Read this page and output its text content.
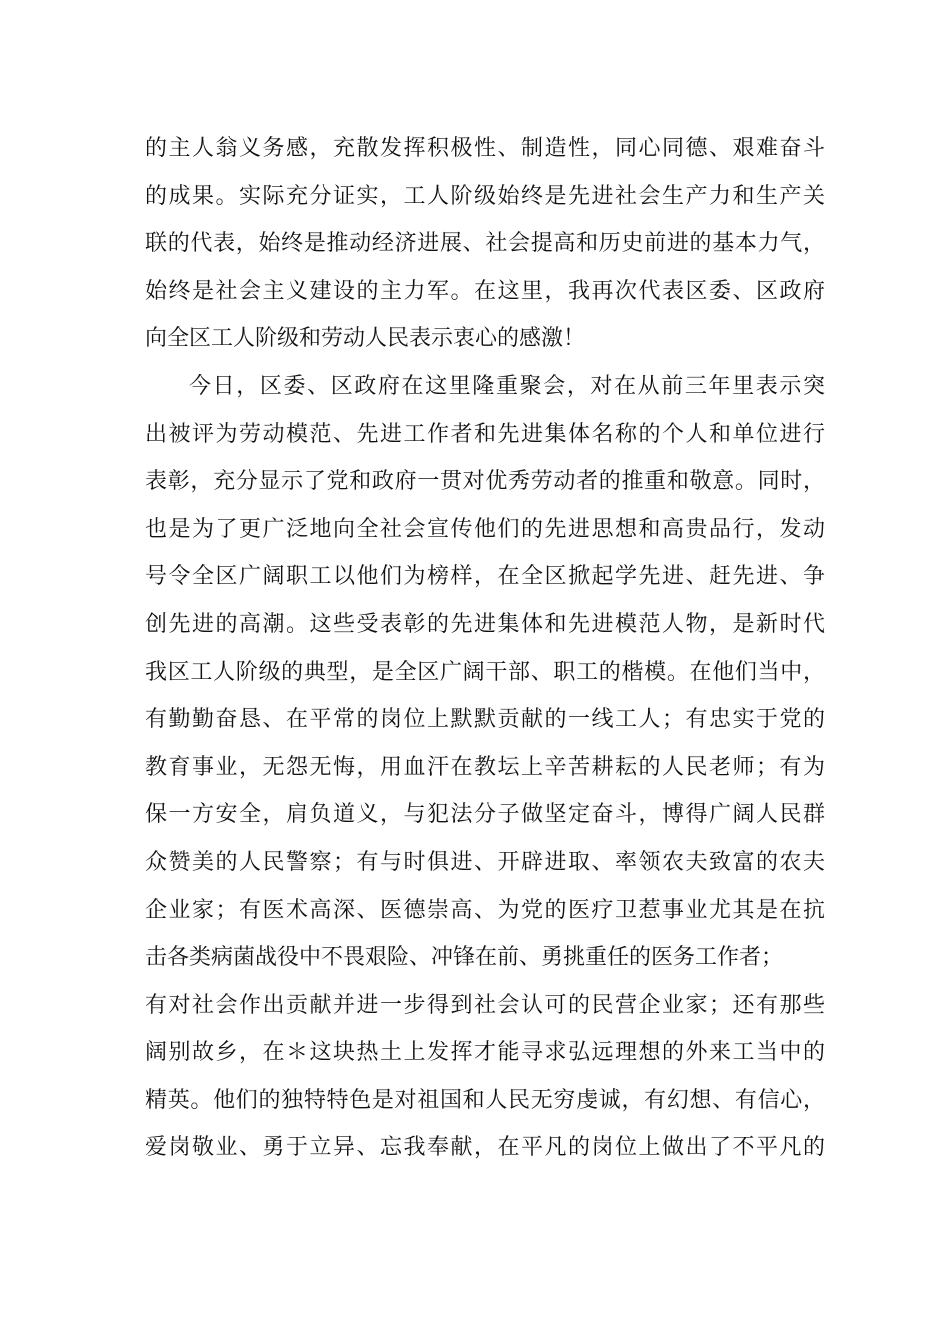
的主人翁义务感，充散发挥积极性、制造性，同心同德、艰难奋斗
的成果。实际充分证实，工人阶级始终是先进社会生产力和生产关
联的代表，始终是推动经济进展、社会提高和历史前进的基本力气，
始终是社会主义建设的主力军。在这里，我再次代表区委、区政府
向全区工人阶级和劳动人民表示衷心的感激！
今日，区委、区政府在这里隆重聚会，对在从前三年里表示突
出被评为劳动模范、先进工作者和先进集体名称的个人和单位进行
表彰，充分显示了党和政府一贯对优秀劳动者的推重和敬意。同时，
也是为了更广泛地向全社会宣传他们的先进思想和高贵品行，发动
号令全区广阔职工以他们为榜样，在全区掀起学先进、赶先进、争
创先进的高潮。这些受表彰的先进集体和先进模范人物，是新时代
我区工人阶级的典型，是全区广阔干部、职工的楷模。在他们当中，
有勤勤奋恳、在平常的岗位上默默贡献的一线工人；有忠实于党的
教育事业，无怨无悔，用血汗在教坛上辛苦耕耘的人民老师；有为
保一方安全，肩负道义，与犯法分子做坚定奋斗，博得广阔人民群
众赞美的人民警察；有与时俱进、开辟进取、率领农夫致富的农夫
企业家；有医术高深、医德崇高、为党的医疗卫惹事业尤其是在抗
击各类病菌战役中不畏艰险、冲锋在前、勇挑重任的医务工作者；
有对社会作出贡献并进一步得到社会认可的民营企业家；还有那些
阔别故乡，在＊这块热土上发挥才能寻求弘远理想的外来工当中的
精英。他们的独特特色是对祖国和人民无穷虔诚，有幻想、有信心，
爱岗敬业、勇于立异、忘我奉献，在平凡的岗位上做出了不平凡的
